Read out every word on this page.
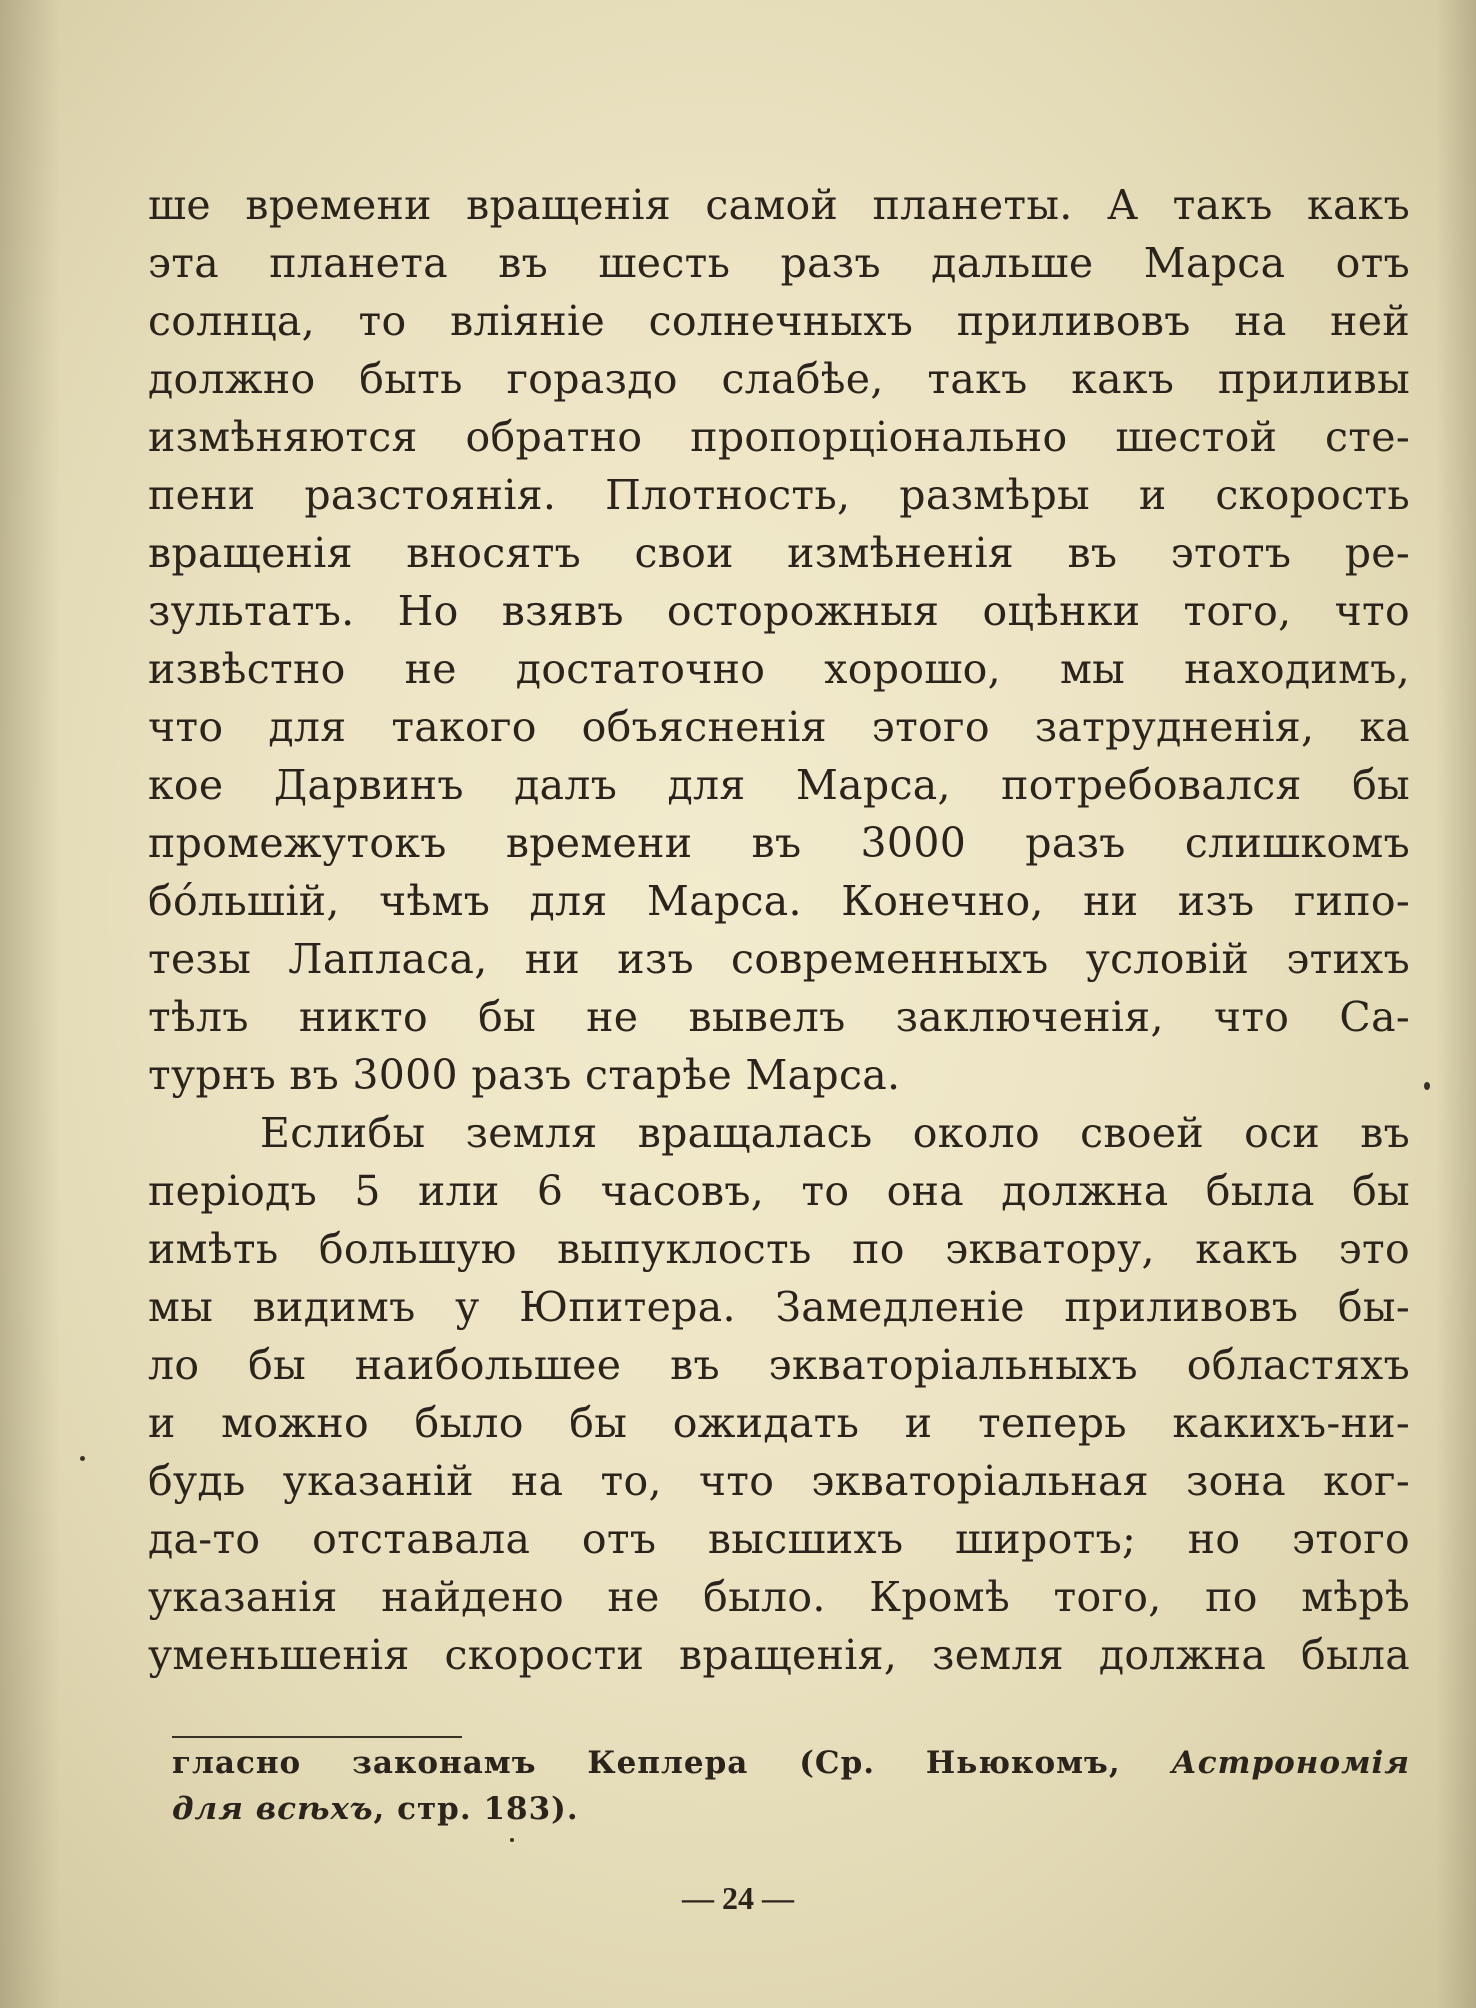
ше времени вращенія самой планеты. А такъ какъ
эта планета въ шесть разъ дальше Марса отъ
солнца, то вліяніе солнечныхъ приливовъ на ней
должно быть гораздо слабѣе, такъ какъ приливы
измѣняются обратно пропорціонально шестой сте-
пени разстоянія. Плотность, размѣры и скорость
вращенія вносятъ свои измѣненія въ этотъ ре-
зультатъ. Но взявъ осторожныя оцѣнки того, что
извѣстно не достаточно хорошо, мы находимъ,
что для такого объясненія этого затрудненія, ка
кое Дарвинъ далъ для Марса, потребовался бы
промежутокъ времени въ 3000 разъ слишкомъ
бо́льшій, чѣмъ для Марса. Конечно, ни изъ гипо-
тезы Лапласа, ни изъ современныхъ условій этихъ
тѣлъ никто бы не вывелъ заключенія, что Са-
турнъ въ 3000 разъ старѣе Марса.
Еслибы земля вращалась около своей оси въ
періодъ 5 или 6 часовъ, то она должна была бы
имѣть большую выпуклость по экватору, какъ это
мы видимъ у Юпитера. Замедленіе приливовъ бы-
ло бы наибольшее въ экваторіальныхъ областяхъ
и можно было бы ожидать и теперь какихъ-ни-
будь указаній на то, что экваторіальная зона ког-
да-то отставала отъ высшихъ широтъ; но этого
указанія найдено не было. Кромѣ того, по мѣрѣ
уменьшенія скорости вращенія, земля должна была
гласно законамъ Кеплера (Ср. Ньюкомъ, Астрономія
для всѣхъ, стр. 183).
— 24 —
